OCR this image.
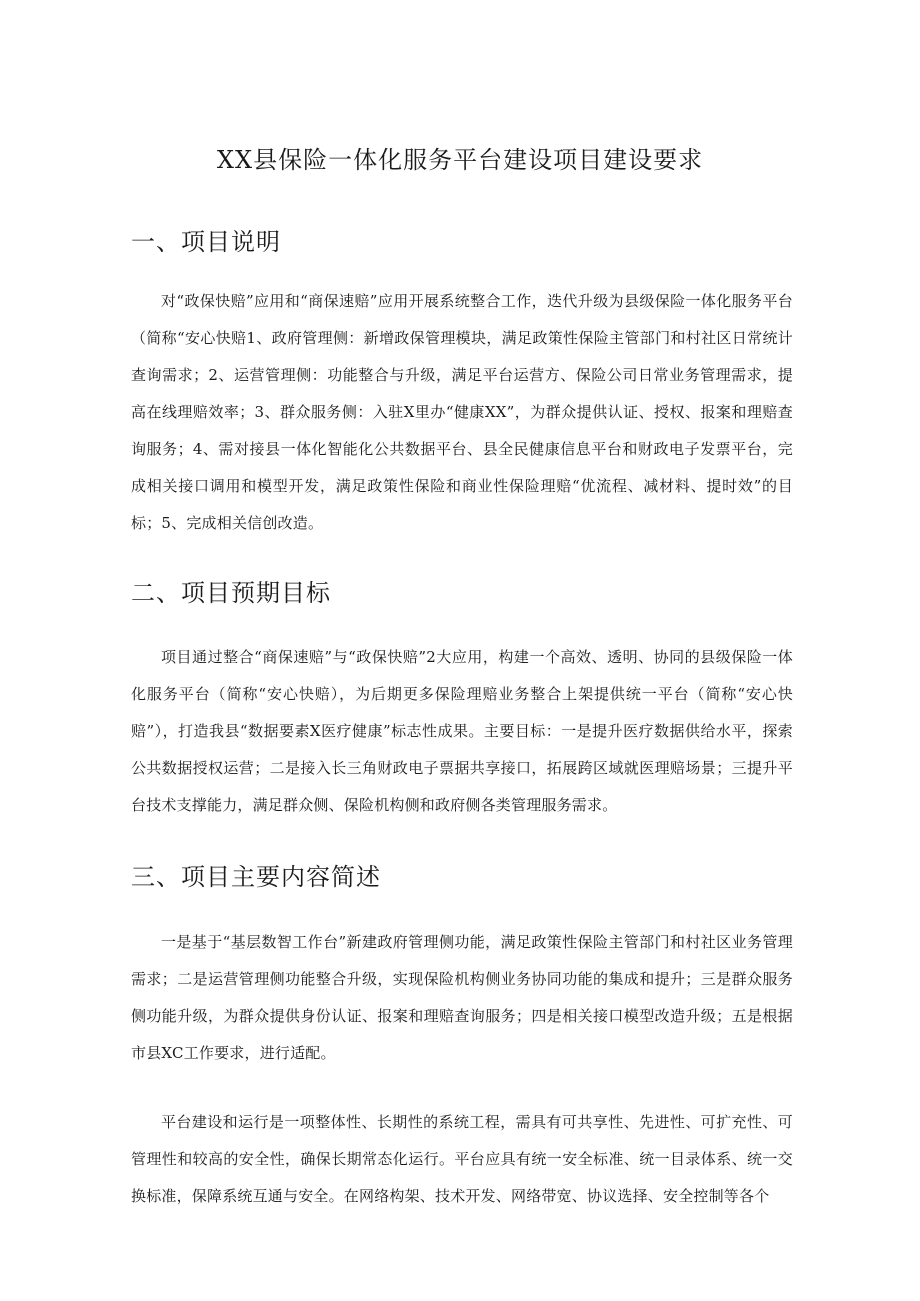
XX县保险一体化服务平台建设项目建设要求
一、项目说明

对“政保快赔”应用和“商保速赔”应用开展系统整合工作，迭代升级为县级保险一体化服务平台（简称“安心快赔1、政府管理侧：新增政保管理模块，满足政策性保险主管部门和村社区日常统计查询需求；2、运营管理侧：功能整合与升级，满足平台运营方、保险公司日常业务管理需求，提高在线理赔效率；3、群众服务侧：入驻X里办“健康XX”，为群众提供认证、授权、报案和理赔查询服务；4、需对接县一体化智能化公共数据平台、县全民健康信息平台和财政电子发票平台，完成相关接口调用和模型开发，满足政策性保险和商业性保险理赔“优流程、减材料、提时效”的目标；5、完成相关信创改造。

二、项目预期目标

项目通过整合“商保速赔”与“政保快赔”2大应用，构建一个高效、透明、协同的县级保险一体化服务平台（简称“安心快赔），为后期更多保险理赔业务整合上架提供统一平台（简称“安心快赔”），打造我县“数据要素X医疗健康”标志性成果。主要目标：一是提升医疗数据供给水平，探索公共数据授权运营；二是接入长三角财政电子票据共享接口，拓展跨区域就医理赔场景；三提升平台技术支撑能力，满足群众侧、保险机构侧和政府侧各类管理服务需求。

三、项目主要内容简述

一是基于“基层数智工作台”新建政府管理侧功能，满足政策性保险主管部门和村社区业务管理需求；二是运营管理侧功能整合升级，实现保险机构侧业务协同功能的集成和提升；三是群众服务侧功能升级，为群众提供身份认证、报案和理赔查询服务；四是相关接口模型改造升级；五是根据市县XC工作要求，进行适配。

平台建设和运行是一项整体性、长期性的系统工程，需具有可共享性、先进性、可扩充性、可管理性和较高的安全性，确保长期常态化运行。平台应具有统一安全标准、统一目录体系、统一交换标准，保障系统互通与安全。在网络构架、技术开发、网络带宽、协议选择、安全控制等各个
